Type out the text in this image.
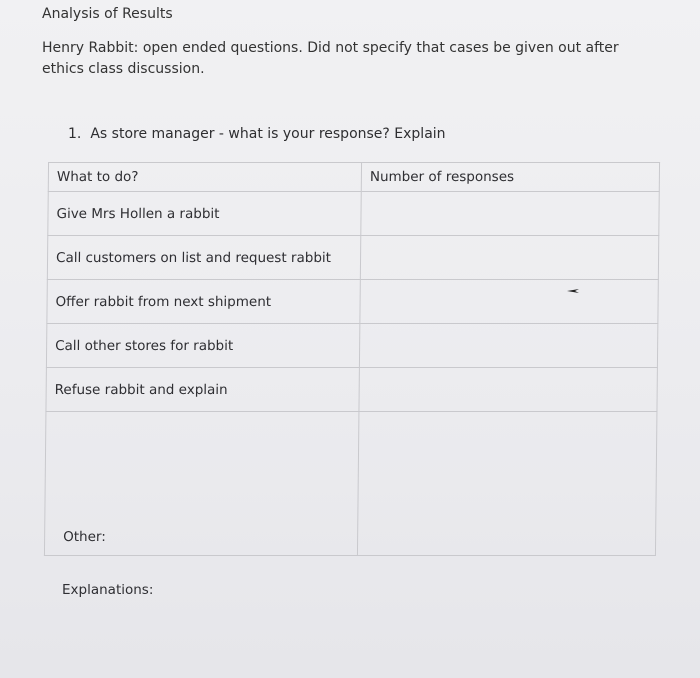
Analysis of Results
Henry Rabbit: open ended questions. Did not specify that cases be given out after ethics class discussion.
1. As store manager - what is your response? Explain
What to do?	Number of responses
Give Mrs Hollen a rabbit	
Call customers on list and request rabbit	
Offer rabbit from next shipment	
Call other stores for rabbit	
Refuse rabbit and explain	
Other:	
Explanations:
